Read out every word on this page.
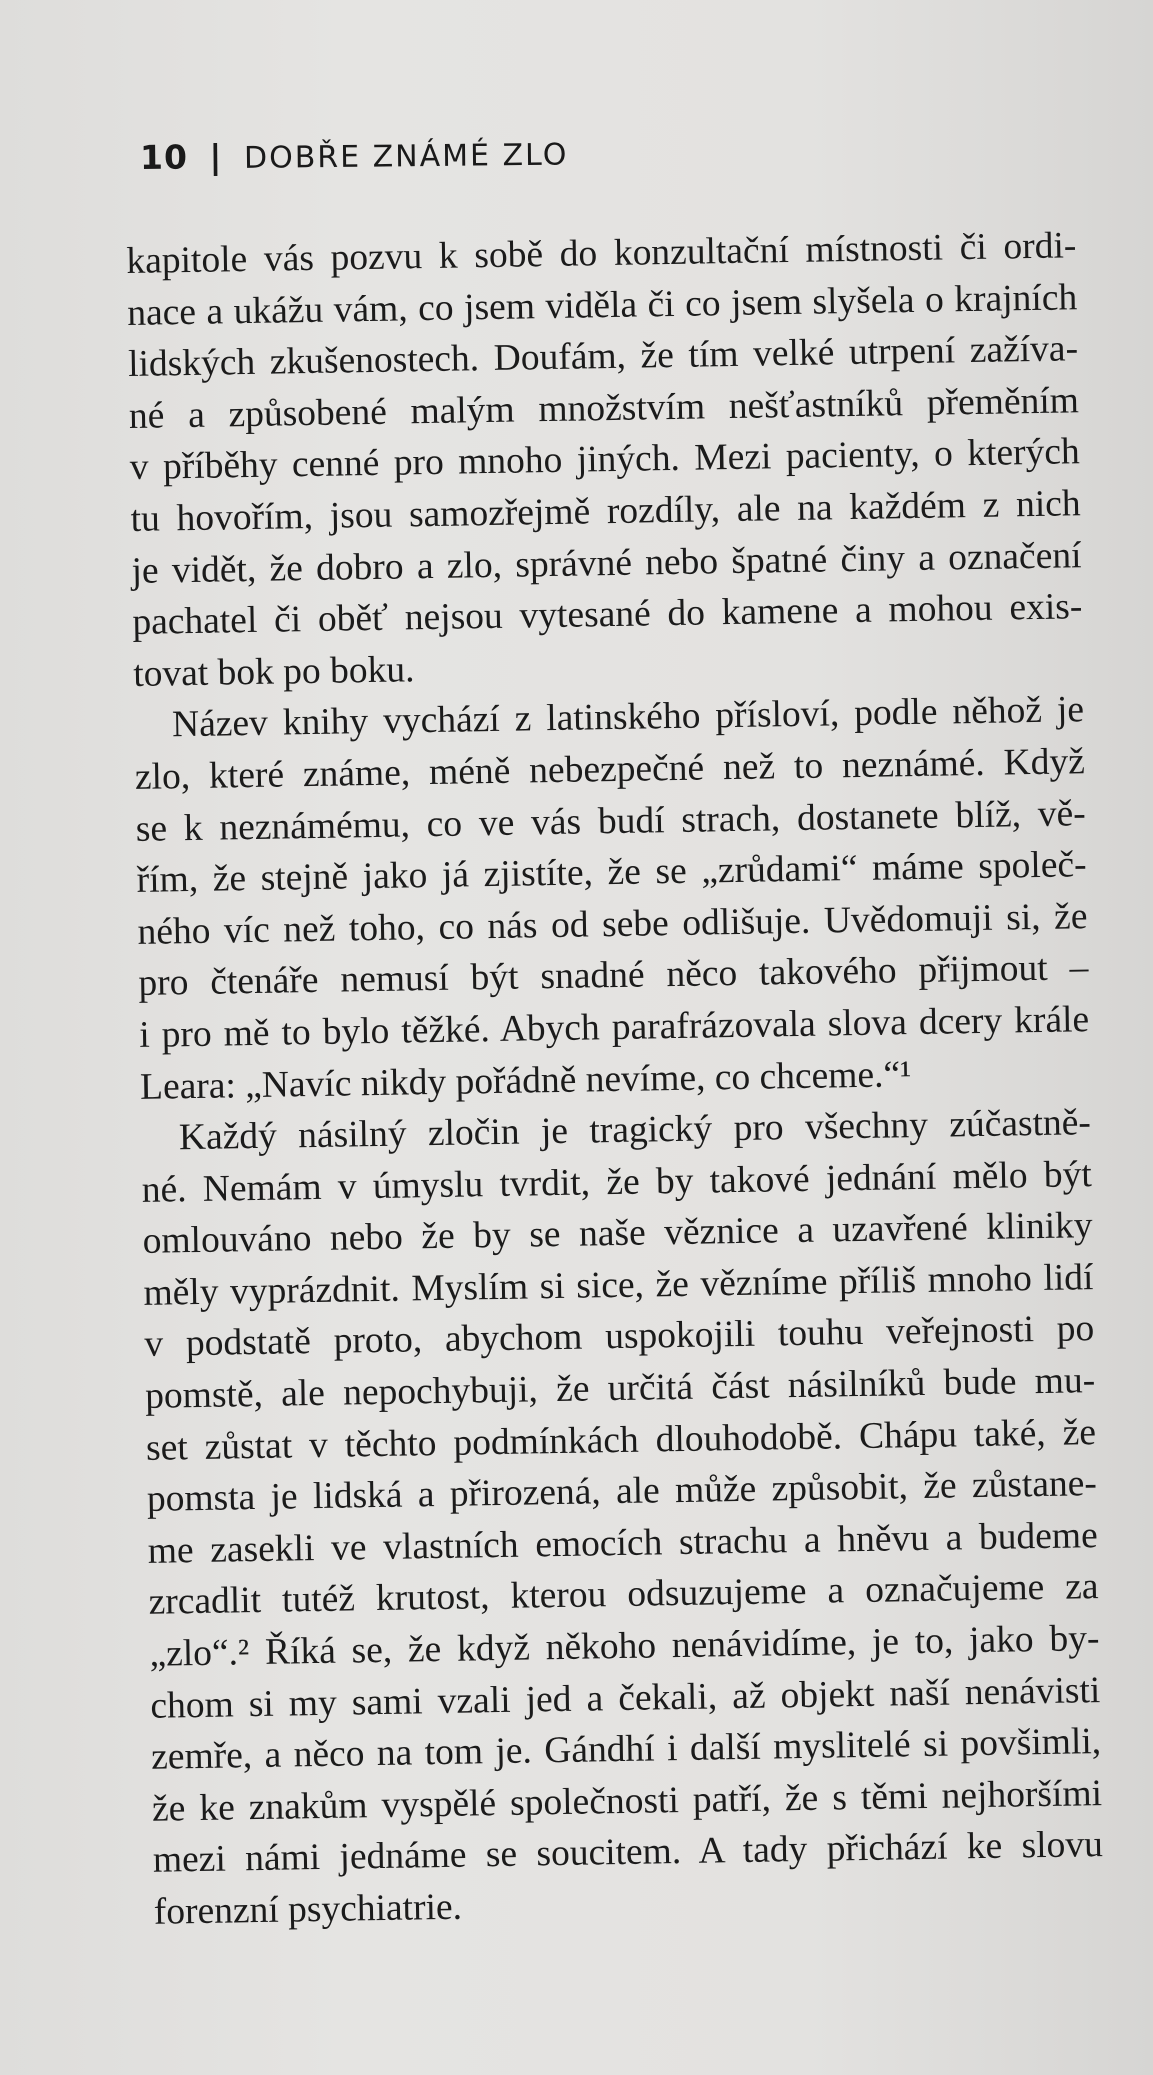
10 | DOBŘE ZNÁMÉ ZLO
kapitole vás pozvu k sobě do konzultační místnosti či ordi-
nace a ukážu vám, co jsem viděla či co jsem slyšela o krajních
lidských zkušenostech. Doufám, že tím velké utrpení zažíva-
né a způsobené malým množstvím nešťastníků přeměním
v příběhy cenné pro mnoho jiných. Mezi pacienty, o kterých
tu hovořím, jsou samozřejmě rozdíly, ale na každém z nich
je vidět, že dobro a zlo, správné nebo špatné činy a označení
pachatel či oběť nejsou vytesané do kamene a mohou exis-
tovat bok po boku.
Název knihy vychází z latinského přísloví, podle něhož je
zlo, které známe, méně nebezpečné než to neznámé. Když
se k neznámému, co ve vás budí strach, dostanete blíž, vě-
řím, že stejně jako já zjistíte, že se „zrůdami“ máme společ-
ného víc než toho, co nás od sebe odlišuje. Uvědomuji si, že
pro čtenáře nemusí být snadné něco takového přijmout –
i pro mě to bylo těžké. Abych parafrázovala slova dcery krále
Leara: „Navíc nikdy pořádně nevíme, co chceme.“¹
Každý násilný zločin je tragický pro všechny zúčastně-
né. Nemám v úmyslu tvrdit, že by takové jednání mělo být
omlouváno nebo že by se naše věznice a uzavřené kliniky
měly vyprázdnit. Myslím si sice, že vězníme příliš mnoho lidí
v podstatě proto, abychom uspokojili touhu veřejnosti po
pomstě, ale nepochybuji, že určitá část násilníků bude mu-
set zůstat v těchto podmínkách dlouhodobě. Chápu také, že
pomsta je lidská a přirozená, ale může způsobit, že zůstane-
me zasekli ve vlastních emocích strachu a hněvu a budeme
zrcadlit tutéž krutost, kterou odsuzujeme a označujeme za
„zlo“.² Říká se, že když někoho nenávidíme, je to, jako by-
chom si my sami vzali jed a čekali, až objekt naší nenávisti
zemře, a něco na tom je. Gándhí i další myslitelé si povšimli,
že ke znakům vyspělé společnosti patří, že s těmi nejhoršími
mezi námi jednáme se soucitem. A tady přichází ke slovu
forenzní psychiatrie.
